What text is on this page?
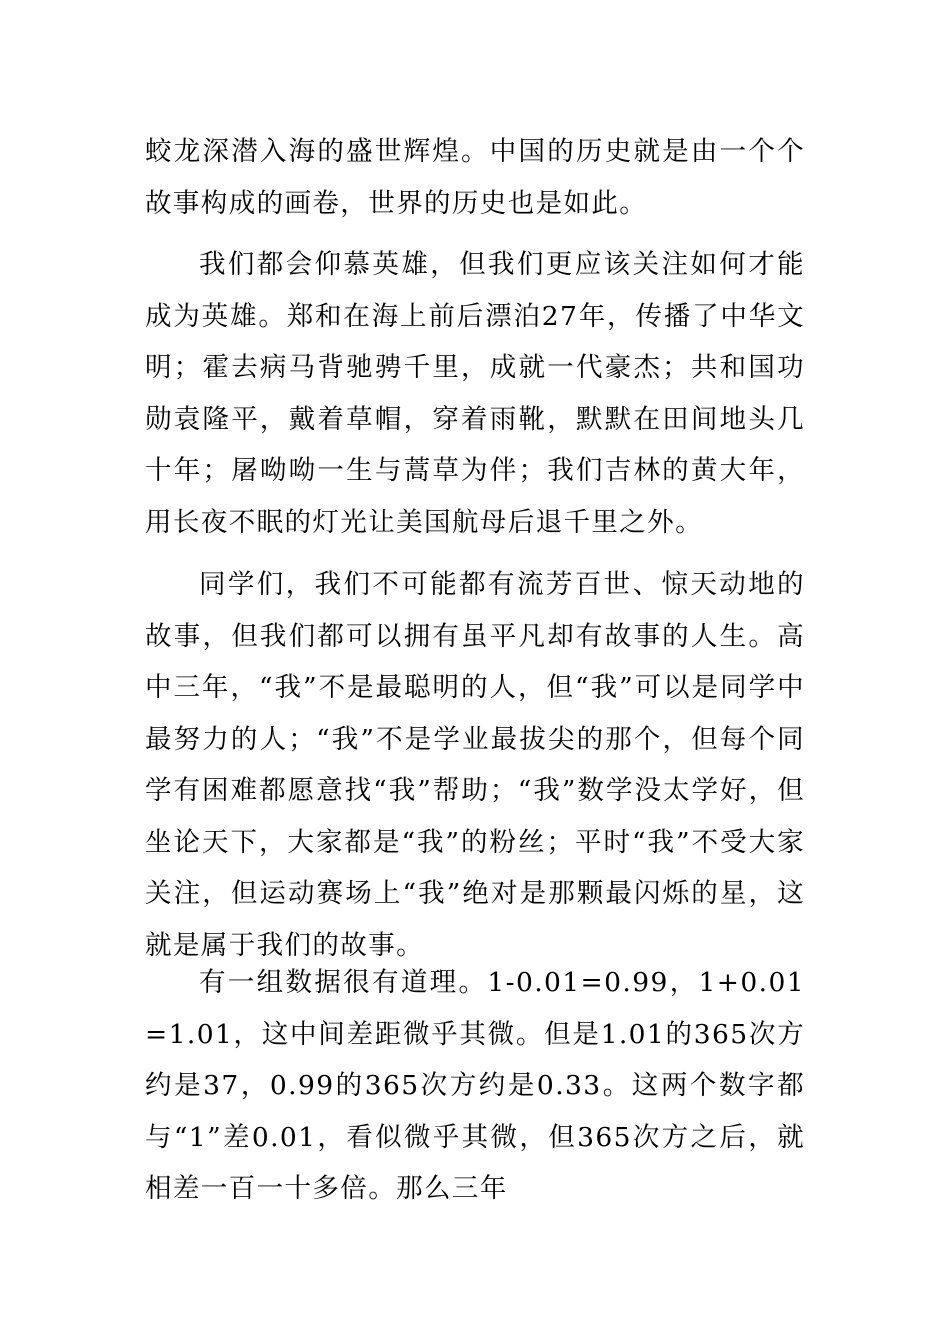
蛟龙深潜入海的盛世辉煌。中国的历史就是由一个个故事构成的画卷，世界的历史也是如此。

我们都会仰慕英雄，但我们更应该关注如何才能成为英雄。郑和在海上前后漂泊27年，传播了中华文明；霍去病马背驰骋千里，成就一代豪杰；共和国功勋袁隆平，戴着草帽，穿着雨靴，默默在田间地头几十年；屠呦呦一生与蒿草为伴；我们吉林的黄大年，用长夜不眠的灯光让美国航母后退千里之外。

同学们，我们不可能都有流芳百世、惊天动地的故事，但我们都可以拥有虽平凡却有故事的人生。高中三年，“我”不是最聪明的人，但“我”可以是同学中最努力的人；“我”不是学业最拔尖的那个，但每个同学有困难都愿意找“我”帮助；“我”数学没太学好，但坐论天下，大家都是“我”的粉丝；平时“我”不受大家关注，但运动赛场上“我”绝对是那颗最闪烁的星，这就是属于我们的故事。

有一组数据很有道理。1-0.01=0.99，1+0.01=1.01，这中间差距微乎其微。但是1.01的365次方约是37，0.99的365次方约是0.33。这两个数字都与“1”差0.01，看似微乎其微，但365次方之后，就相差一百一十多倍。那么三年
